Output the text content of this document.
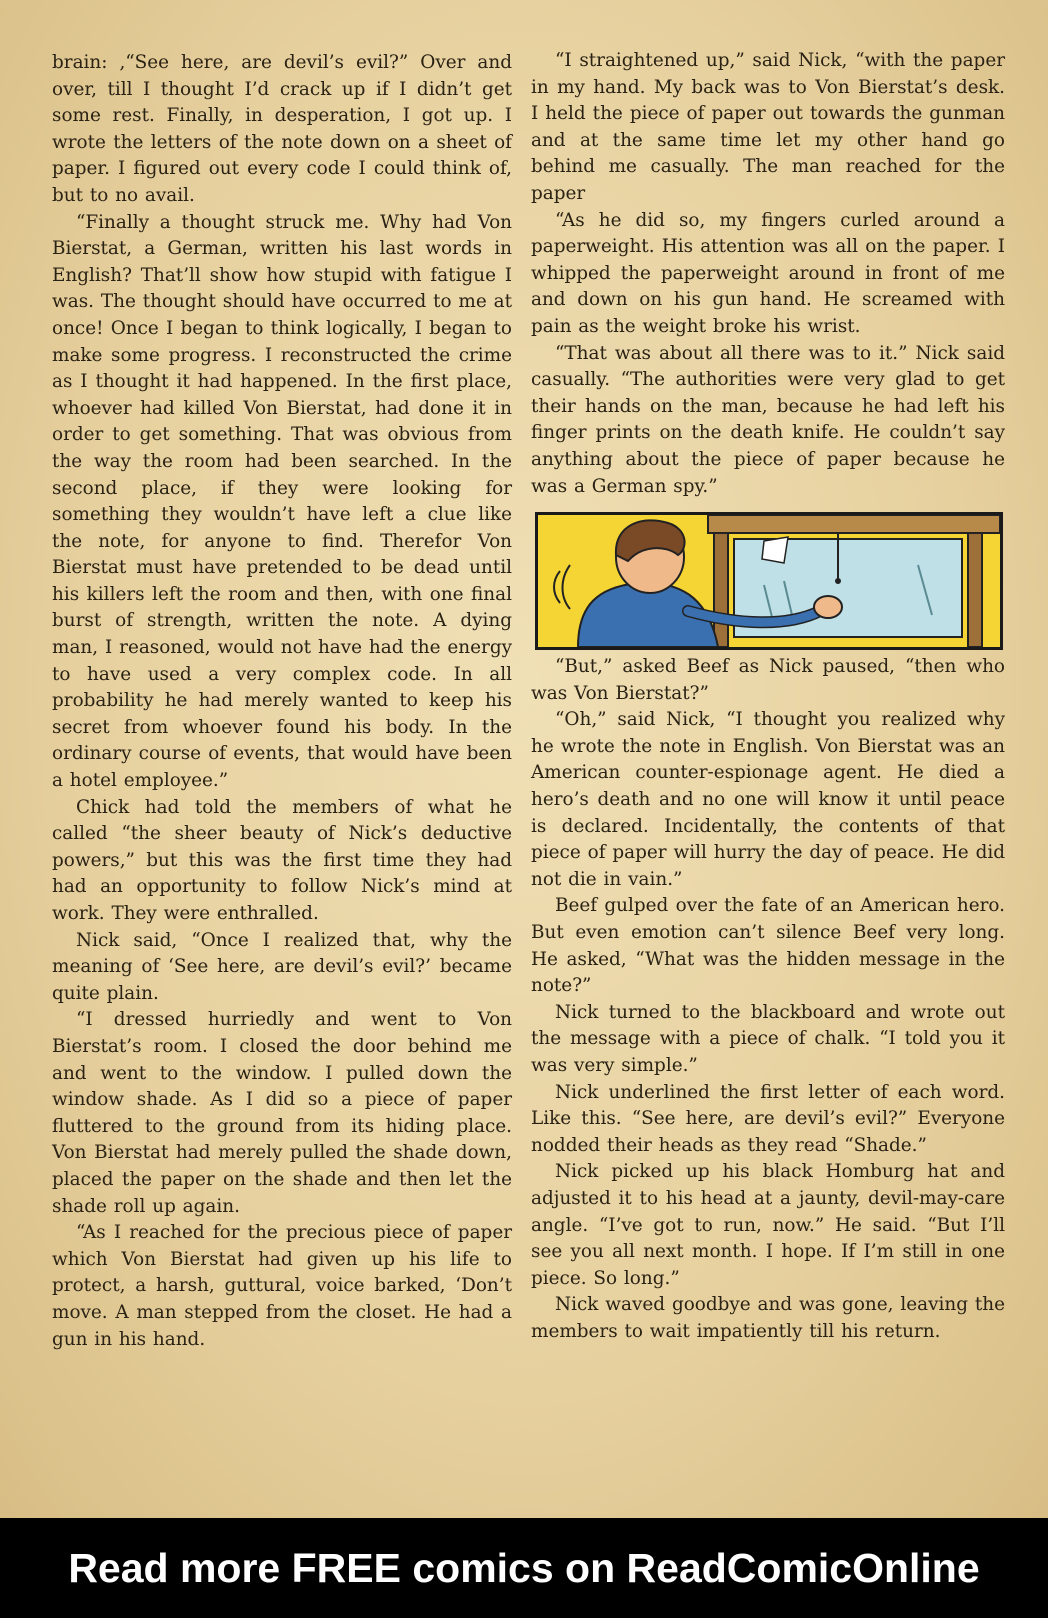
brain: ,“See here, are devil’s evil?” Over and over, till I thought I’d crack up if I didn’t get some rest. Finally, in desperation, I got up. I wrote the letters of the note down on a sheet of paper. I figured out every code I could think of, but to no avail.

“Finally a thought struck me. Why had Von Bierstat, a German, written his last words in English? That’ll show how stupid with fatigue I was. The thought should have occurred to me at once! Once I began to think logically, I began to make some progress. I reconstructed the crime as I thought it had happened. In the first place, whoever had killed Von Bierstat, had done it in order to get something. That was obvious from the way the room had been searched. In the second place, if they were looking for something they wouldn’t have left a clue like the note, for anyone to find. Therefor Von Bierstat must have pretended to be dead until his killers left the room and then, with one final burst of strength, written the note. A dying man, I reasoned, would not have had the energy to have used a very complex code. In all probability he had merely wanted to keep his secret from whoever found his body. In the ordinary course of events, that would have been a hotel employee.”

Chick had told the members of what he called “the sheer beauty of Nick’s deductive powers,” but this was the first time they had had an opportunity to follow Nick’s mind at work. They were enthralled.

Nick said, “Once I realized that, why the meaning of ‘See here, are devil’s evil?’ became quite plain.

“I dressed hurriedly and went to Von Bierstat’s room. I closed the door behind me and went to the window. I pulled down the window shade. As I did so a piece of paper fluttered to the ground from its hiding place. Von Bierstat had merely pulled the shade down, placed the paper on the shade and then let the shade roll up again.

“As I reached for the precious piece of paper which Von Bierstat had given up his life to protect, a harsh, guttural, voice barked, ‘Don’t move. A man stepped from the closet. He had a gun in his hand.

“I straightened up,” said Nick, “with the paper in my hand. My back was to Von Bierstat’s desk. I held the piece of paper out towards the gunman and at the same time let my other hand go behind me casually. The man reached for the paper

“As he did so, my fingers curled around a paperweight. His attention was all on the paper. I whipped the paperweight around in front of me and down on his gun hand. He screamed with pain as the weight broke his wrist.

“That was about all there was to it.” Nick said casually. “The authorities were very glad to get their hands on the man, because he had left his finger prints on the death knife. He couldn’t say anything about the piece of paper because he was a German spy.”

“But,” asked Beef as Nick paused, “then who was Von Bierstat?”

“Oh,” said Nick, “I thought you realized why he wrote the note in English. Von Bierstat was an American counter-espionage agent. He died a hero’s death and no one will know it until peace is declared. Incidentally, the contents of that piece of paper will hurry the day of peace. He did not die in vain.”

Beef gulped over the fate of an American hero. But even emotion can’t silence Beef very long. He asked, “What was the hidden message in the note?”

Nick turned to the blackboard and wrote out the message with a piece of chalk. “I told you it was very simple.”

Nick underlined the first letter of each word. Like this. “See here, are devil’s evil?” Everyone nodded their heads as they read “Shade.”

Nick picked up his black Homburg hat and adjusted it to his head at a jaunty, devil-may-care angle. “I’ve got to run, now.” He said. “But I’ll see you all next month. I hope. If I’m still in one piece. So long.”

Nick waved goodbye and was gone, leaving the members to wait impatiently till his return.

Read more FREE comics on ReadComicOnline
